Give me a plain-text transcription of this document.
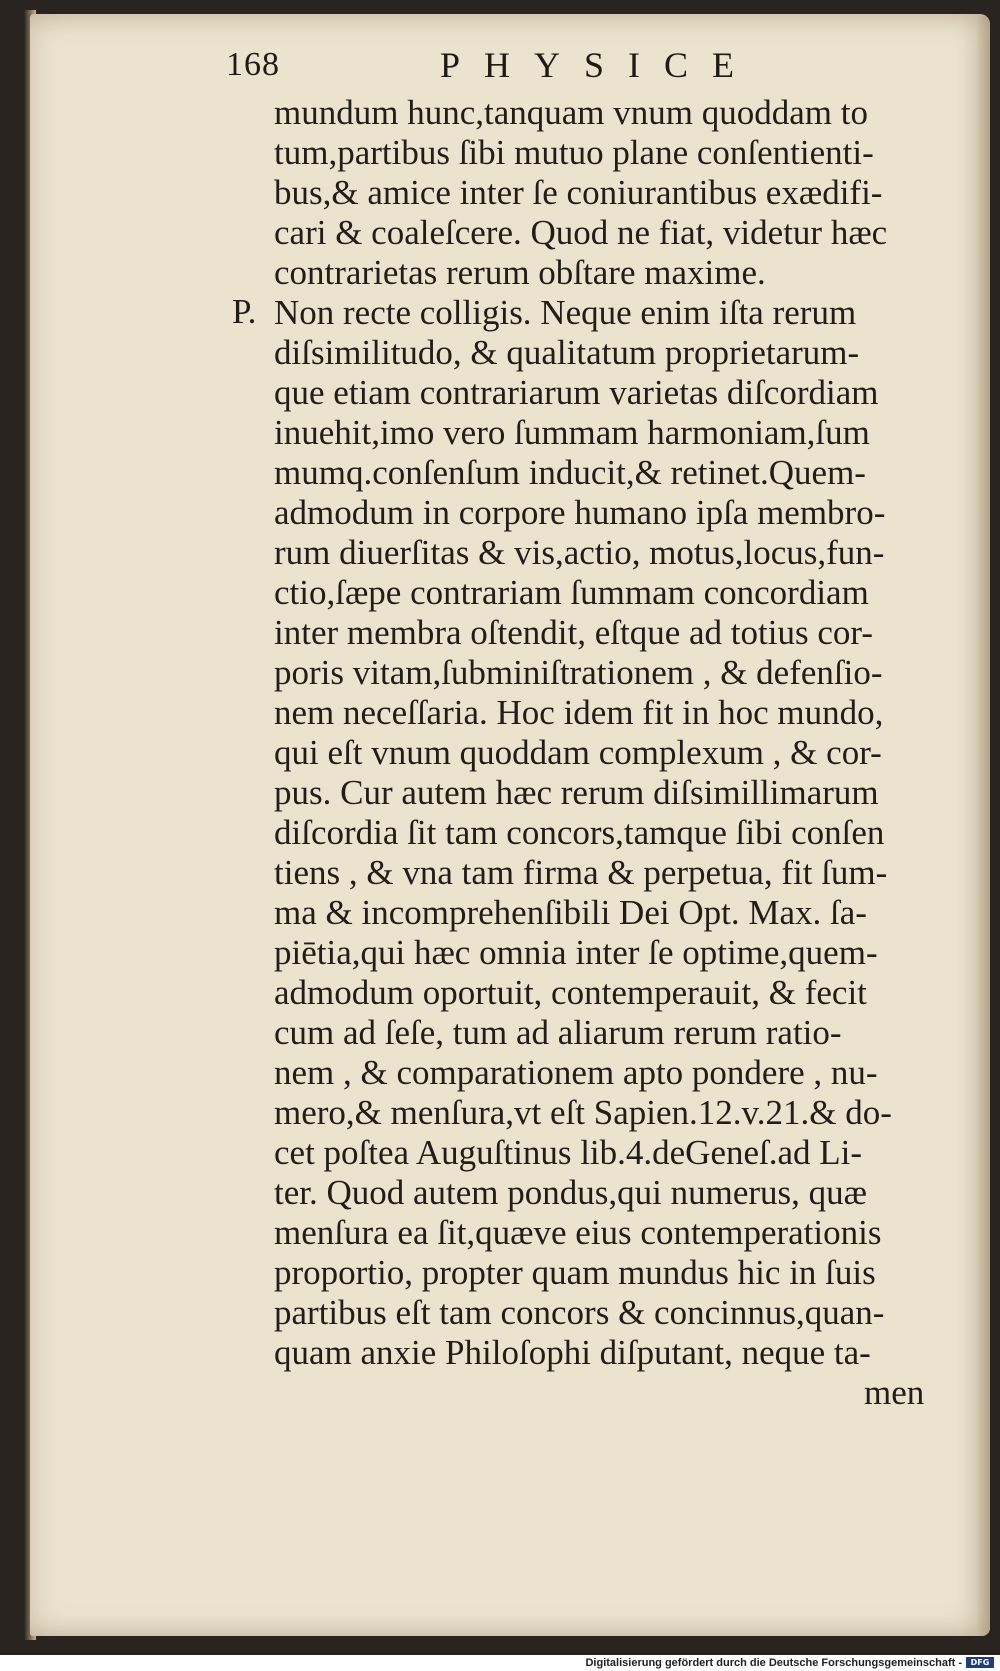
168	PHYSICE
P.
mundum hunc,tanquam vnum quoddam to
tum,partibus ſibi mutuo plane conſentienti-
bus,& amice inter ſe coniurantibus exædifi-
cari & coaleſcere. Quod ne fiat, videtur hæc
contrarietas rerum obſtare maxime.
Non recte colligis. Neque enim iſta rerum
diſsimilitudo, & qualitatum proprietarum-
que etiam contrariarum varietas diſcordiam
inuehit,imo vero ſummam harmoniam,ſum
mumq.conſenſum inducit,& retinet.Quem-
admodum in corpore humano ipſa membro-
rum diuerſitas & vis,actio, motus,locus,fun-
ctio,ſæpe contrariam ſummam concordiam
inter membra oſtendit, eſtque ad totius cor-
poris vitam,ſubminiſtrationem , & defenſio-
nem neceſſaria. Hoc idem fit in hoc mundo,
qui eſt vnum quoddam complexum , & cor-
pus. Cur autem hæc rerum diſsimillimarum
diſcordia ſit tam concors,tamque ſibi conſen
tiens , & vna tam firma & perpetua, fit ſum-
ma & incomprehenſibili Dei Opt. Max. ſa-
piētia,qui hæc omnia inter ſe optime,quem-
admodum oportuit, contemperauit, & fecit
cum ad ſeſe, tum ad aliarum rerum ratio-
nem , & comparationem apto pondere , nu-
mero,& menſura,vt eſt Sapien.12.v.21.& do-
cet poſtea Auguſtinus lib.4.deGeneſ.ad Li-
ter. Quod autem pondus,qui numerus, quæ
menſura ea ſit,quæve eius contemperationis
proportio, propter quam mundus hic in ſuis
partibus eſt tam concors & concinnus,quan-
quam anxie Philoſophi diſputant, neque ta-
men
Digitalisierung gefördert durch die Deutsche Forschungsgemeinschaft -	DFG
